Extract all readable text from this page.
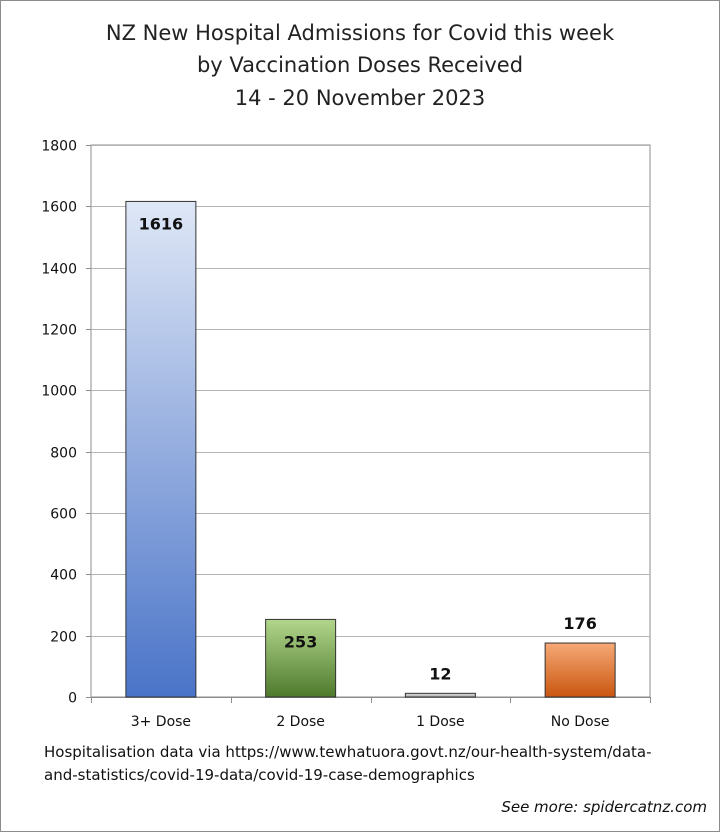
NZ New Hospital Admissions for Covid this week
by Vaccination Doses Received
14 - 20 November 2023
0
200
400
600
800
1000
1200
1400
1600
1800
1616
3+ Dose
253
2 Dose
12
1 Dose
176
No Dose
Hospitalisation data via https://www.tewhatuora.govt.nz/our-health-system/data-and-statistics/covid-19-data/covid-19-case-demographics
See more: spidercatnz.com
